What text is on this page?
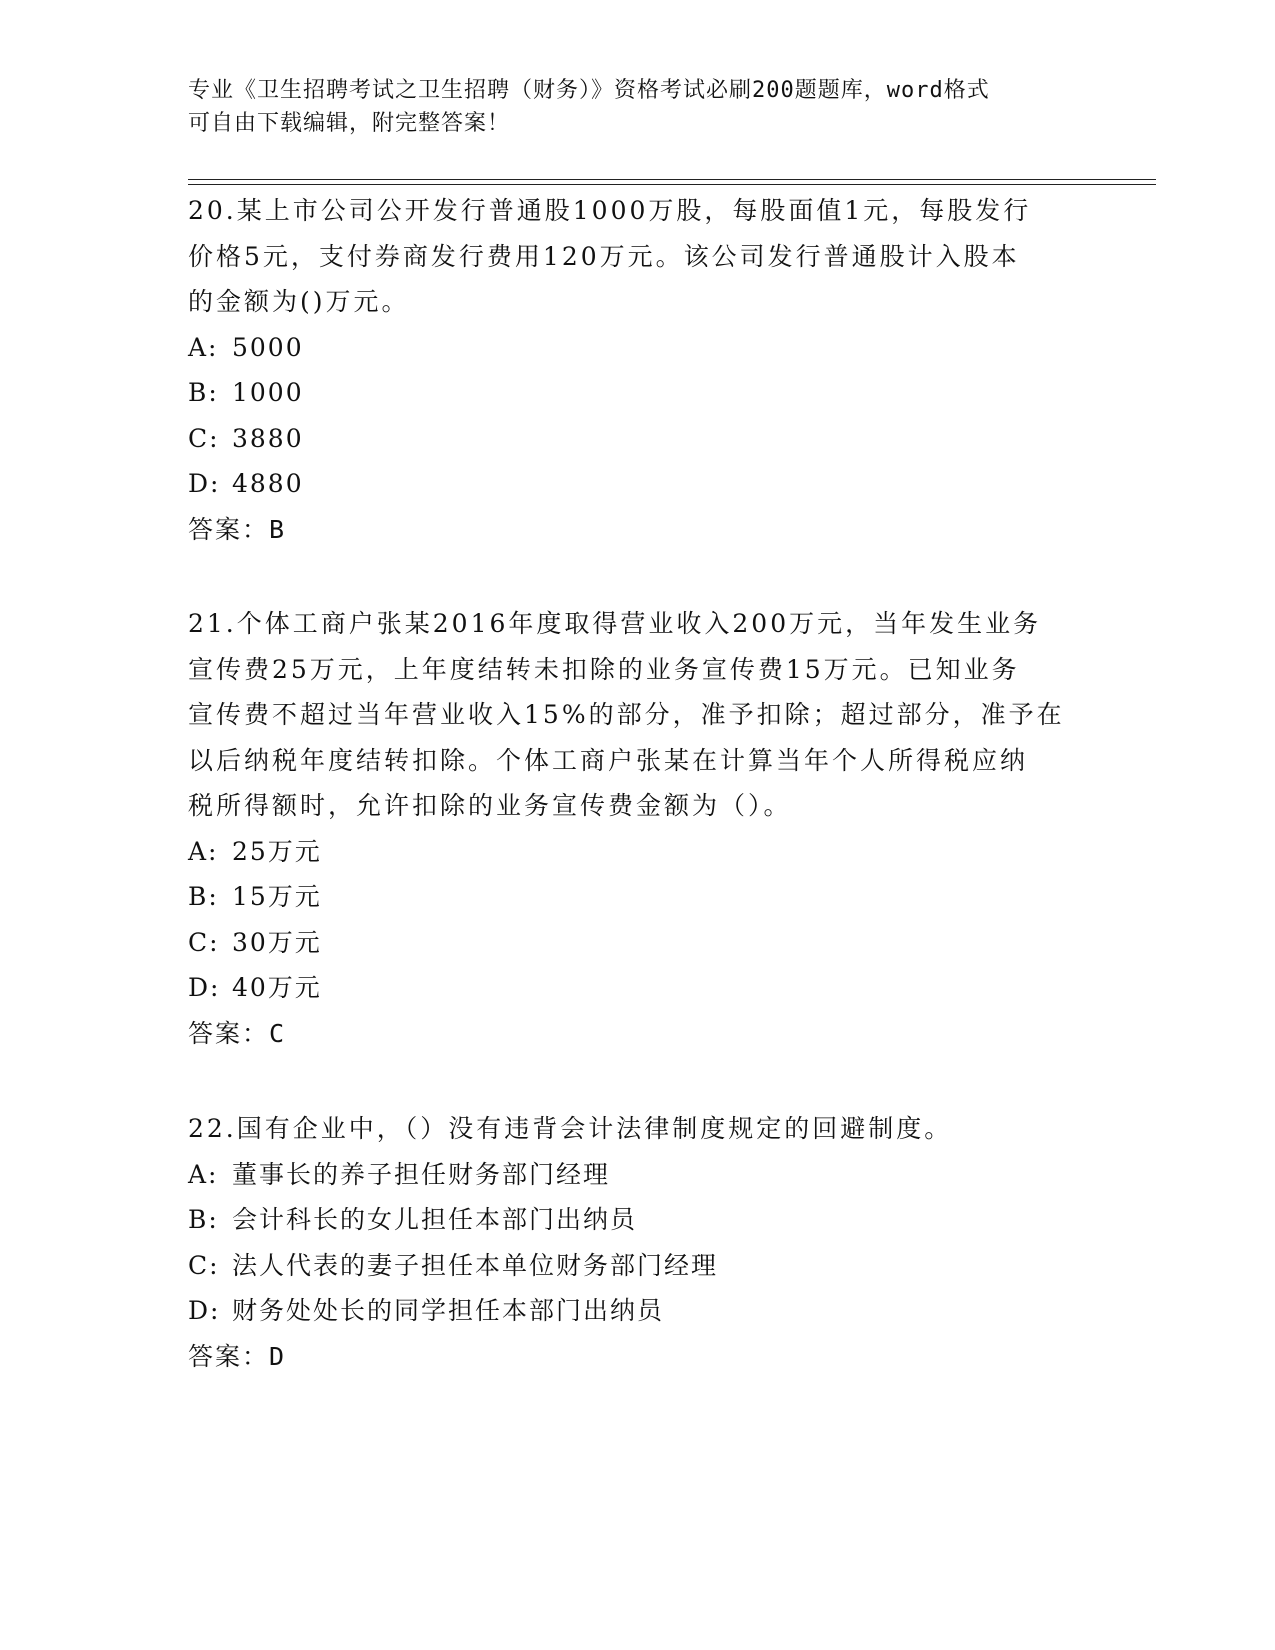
专业《卫生招聘考试之卫生招聘（财务）》资格考试必刷200题题库，word格式
可自由下载编辑，附完整答案！
20.某上市公司公开发行普通股1000万股，每股面值1元，每股发行
价格5元，支付券商发行费用120万元。该公司发行普通股计入股本
的金额为()万元。
A: 5000
B: 1000
C: 3880
D: 4880
答案：B
21.个体工商户张某2016年度取得营业收入200万元，当年发生业务
宣传费25万元，上年度结转未扣除的业务宣传费15万元。已知业务
宣传费不超过当年营业收入15%的部分，准予扣除；超过部分，准予在
以后纳税年度结转扣除。个体工商户张某在计算当年个人所得税应纳
税所得额时，允许扣除的业务宣传费金额为（）。
A: 25万元
B: 15万元
C: 30万元
D: 40万元
答案：C
22.国有企业中，（）没有违背会计法律制度规定的回避制度。
A: 董事长的养子担任财务部门经理
B: 会计科长的女儿担任本部门出纳员
C: 法人代表的妻子担任本单位财务部门经理
D: 财务处处长的同学担任本部门出纳员
答案：D
